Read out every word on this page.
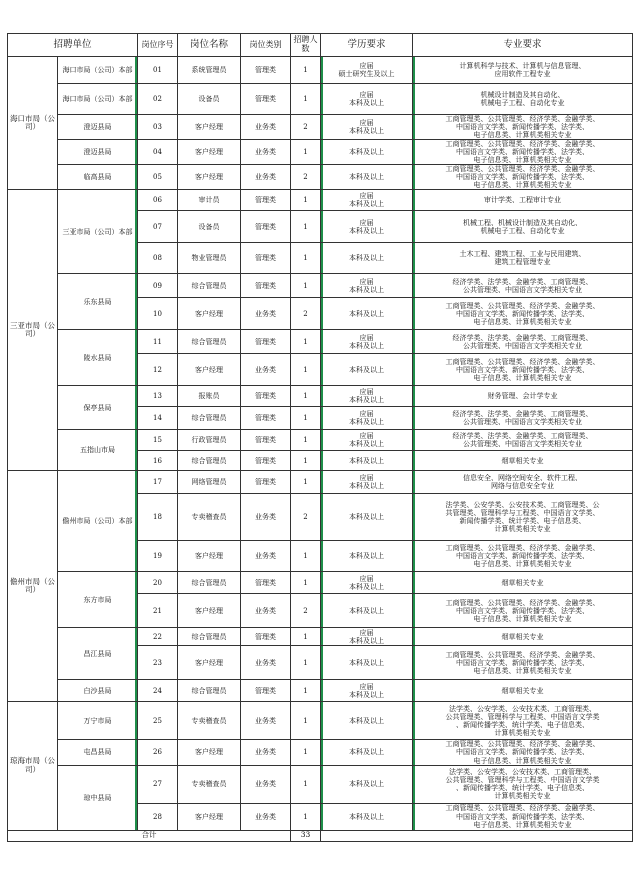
招聘单位		岗位序号	岗位名称	岗位类别	招聘人数	学历要求	专业要求
海口市局（公司）	海口市局（公司）本部	01	系统管理员	管理类	1	应届
硕士研究生及以上	计算机科学与技术、计算机与信息管理、
应用软件工程专业
	海口市局（公司）本部	02	设备员	管理类	1	应届
本科及以上	机械设计制造及其自动化、
机械电子工程、自动化专业
	澄迈县局	03	客户经理	业务类	2	应届
本科及以上	工商管理类、公共管理类、经济学类、金融学类、
中国语言文学类、新闻传播学类、法学类、
电子信息类、计算机类相关专业
	澄迈县局	04	客户经理	业务类	1	本科及以上	工商管理类、公共管理类、经济学类、金融学类、
中国语言文学类、新闻传播学类、法学类、
电子信息类、计算机类相关专业
	临高县局	05	客户经理	业务类	2	本科及以上	工商管理类、公共管理类、经济学类、金融学类、
中国语言文学类、新闻传播学类、法学类、
电子信息类、计算机类相关专业
三亚市局（公司）	三亚市局（公司）本部	06	审计员	管理类	1	应届
本科及以上	审计学类、工程审计专业
		07	设备员	管理类	1	应届
本科及以上	机械工程、机械设计制造及其自动化、
机械电子工程、自动化专业
		08	物业管理员	管理类	1	本科及以上	土木工程、建筑工程、工业与民用建筑、
建筑工程管理专业
	乐东县局	09	综合管理员	管理类	1	应届
本科及以上	经济学类、法学类、金融学类、工商管理类、
公共管理类、中国语言文学类相关专业
		10	客户经理	业务类	2	本科及以上	工商管理类、公共管理类、经济学类、金融学类、
中国语言文学类、新闻传播学类、法学类、
电子信息类、计算机类相关专业
	陵水县局	11	综合管理员	管理类	1	应届
本科及以上	经济学类、法学类、金融学类、工商管理类、
公共管理类、中国语言文学类相关专业
		12	客户经理	业务类	1	本科及以上	工商管理类、公共管理类、经济学类、金融学类、
中国语言文学类、新闻传播学类、法学类、
电子信息类、计算机类相关专业
	保亭县局	13	报账员	管理类	1	应届
本科及以上	财务管理、会计学专业
		14	综合管理员	管理类	1	应届
本科及以上	经济学类、法学类、金融学类、工商管理类、
公共管理类、中国语言文学类相关专业
	五指山市局	15	行政管理员	管理类	1	应届
本科及以上	经济学类、法学类、金融学类、工商管理类、
公共管理类、中国语言文学类相关专业
		16	综合管理员	管理类	1	本科及以上	烟草相关专业
儋州市局（公司）	儋州市局（公司）本部	17	网络管理员	管理类	1	应届
本科及以上	信息安全、网络空间安全、软件工程、
网络与信息安全专业
		18	专卖稽查员	业务类	2	本科及以上	法学类、公安学类、公安技术类、工商管理类、公
共管理类、管理科学与工程类、中国语言文学类、
新闻传播学类、统计学类、电子信息类、
计算机类相关专业
		19	客户经理	业务类	1	本科及以上	工商管理类、公共管理类、经济学类、金融学类、
中国语言文学类、新闻传播学类、法学类、
电子信息类、计算机类相关专业
	东方市局	20	综合管理员	管理类	1	应届
本科及以上	烟草相关专业
		21	客户经理	业务类	2	本科及以上	工商管理类、公共管理类、经济学类、金融学类、
中国语言文学类、新闻传播学类、法学类、
电子信息类、计算机类相关专业
	昌江县局	22	综合管理员	管理类	1	应届
本科及以上	烟草相关专业
		23	客户经理	业务类	1	本科及以上	工商管理类、公共管理类、经济学类、金融学类、
中国语言文学类、新闻传播学类、法学类、
电子信息类、计算机类相关专业
	白沙县局	24	综合管理员	管理类	1	应届
本科及以上	烟草相关专业
琼海市局（公司）	万宁市局	25	专卖稽查员	业务类	1	本科及以上	法学类、公安学类、公安技术类、工商管理类、
公共管理类、管理科学与工程类、中国语言文学类
、新闻传播学类、统计学类、电子信息类、
计算机类相关专业
	屯昌县局	26	客户经理	业务类	1	本科及以上	工商管理类、公共管理类、经济学类、金融学类、
中国语言文学类、新闻传播学类、法学类、
电子信息类、计算机类相关专业
	琼中县局	27	专卖稽查员	业务类	1	本科及以上	法学类、公安学类、公安技术类、工商管理类、
公共管理类、管理科学与工程类、中国语言文学类
、新闻传播学类、统计学类、电子信息类、
计算机类相关专业
		28	客户经理	业务类	1	本科及以上	工商管理类、公共管理类、经济学类、金融学类、
中国语言文学类、新闻传播学类、法学类、
电子信息类、计算机类相关专业
合计					33		
